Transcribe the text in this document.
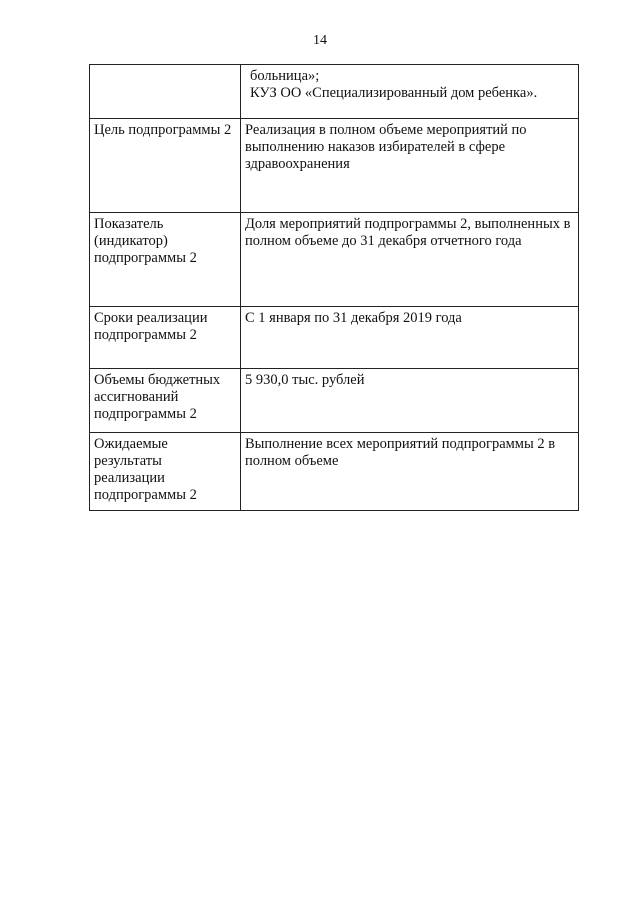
14

	больница»;
КУЗ ОО «Специализированный дом ребенка».

Цель подпрограммы 2	Реализация в полном объеме мероприятий по выполнению наказов избирателей в сфере здравоохранения
Показатель (индикатор) подпрограммы 2	Доля мероприятий подпрограммы 2, выполненных в полном объеме до 31 декабря отчетного года
Сроки реализации подпрограммы 2	С 1 января по 31 декабря 2019 года
Объемы бюджетных ассигнований подпрограммы 2	5 930,0 тыс. рублей
Ожидаемые результаты реализации подпрограммы 2	Выполнение всех мероприятий подпрограммы 2 в полном объеме
